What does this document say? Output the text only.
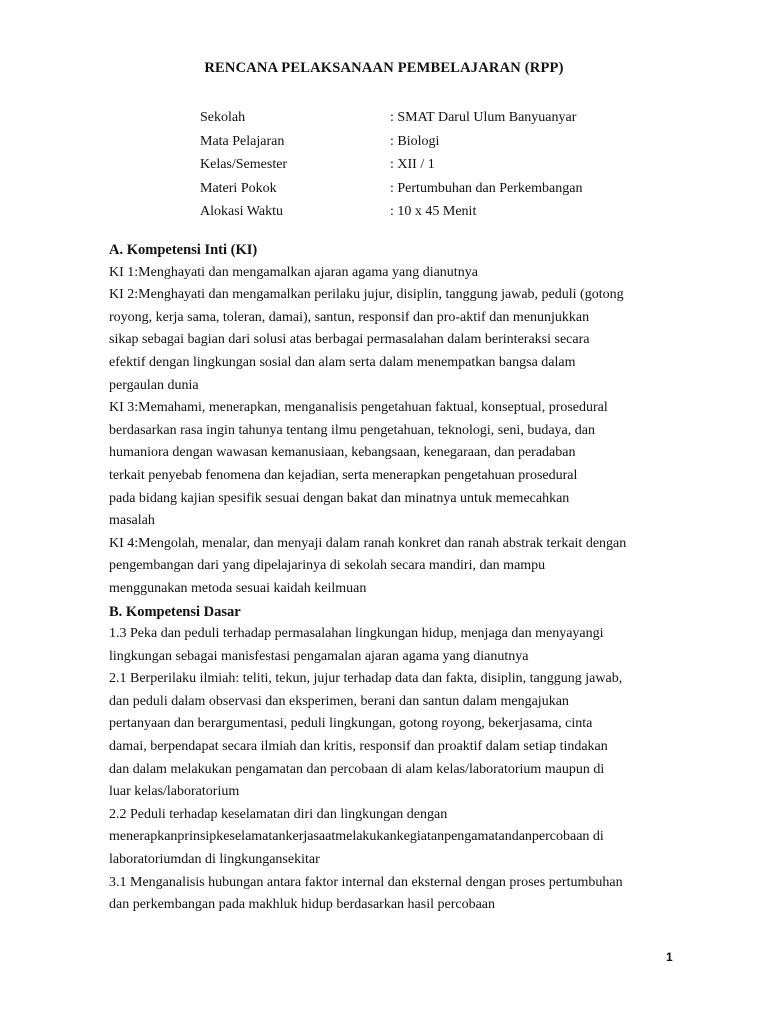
RENCANA PELAKSANAAN PEMBELAJARAN (RPP)
Sekolah	: SMAT Darul Ulum Banyuanyar
Mata Pelajaran	: Biologi
Kelas/Semester	: XII / 1
Materi Pokok	: Pertumbuhan dan Perkembangan
Alokasi Waktu	: 10 x 45 Menit
A. Kompetensi Inti (KI)
KI 1:Menghayati dan mengamalkan ajaran agama yang dianutnya
KI 2:Menghayati dan mengamalkan perilaku jujur, disiplin, tanggung jawab, peduli (gotong
royong, kerja sama, toleran, damai), santun, responsif dan pro-aktif dan menunjukkan
sikap sebagai bagian dari solusi atas berbagai permasalahan dalam berinteraksi secara
efektif dengan lingkungan sosial dan alam serta dalam menempatkan bangsa dalam
pergaulan dunia
KI 3:Memahami, menerapkan, menganalisis pengetahuan faktual, konseptual, prosedural
berdasarkan rasa ingin tahunya tentang ilmu pengetahuan, teknologi, seni, budaya, dan
humaniora dengan wawasan kemanusiaan, kebangsaan, kenegaraan, dan peradaban
terkait penyebab fenomena dan kejadian, serta menerapkan pengetahuan prosedural
pada bidang kajian spesifik sesuai dengan bakat dan minatnya untuk memecahkan
masalah
KI 4:Mengolah, menalar, dan menyaji dalam ranah konkret dan ranah abstrak terkait dengan
pengembangan dari yang dipelajarinya di sekolah secara mandiri, dan mampu
menggunakan metoda sesuai kaidah keilmuan
B. Kompetensi Dasar
1.3 Peka dan peduli terhadap permasalahan lingkungan hidup, menjaga dan menyayangi
lingkungan sebagai manisfestasi pengamalan ajaran agama yang dianutnya
2.1 Berperilaku ilmiah: teliti, tekun, jujur terhadap data dan fakta, disiplin, tanggung jawab,
dan peduli dalam observasi dan eksperimen, berani dan santun dalam mengajukan
pertanyaan dan berargumentasi, peduli lingkungan, gotong royong, bekerjasama, cinta
damai, berpendapat secara ilmiah dan kritis, responsif dan proaktif dalam setiap tindakan
dan dalam melakukan pengamatan dan percobaan di alam kelas/laboratorium maupun di
luar kelas/laboratorium
2.2 Peduli terhadap keselamatan diri dan lingkungan dengan
menerapkanprinsipkeselamatankerjasaatmelakukankegiatanpengamatandanpercobaan di
laboratoriumdan di lingkungansekitar
3.1 Menganalisis hubungan antara faktor internal dan eksternal dengan proses pertumbuhan
dan perkembangan pada makhluk hidup berdasarkan hasil percobaan
1
